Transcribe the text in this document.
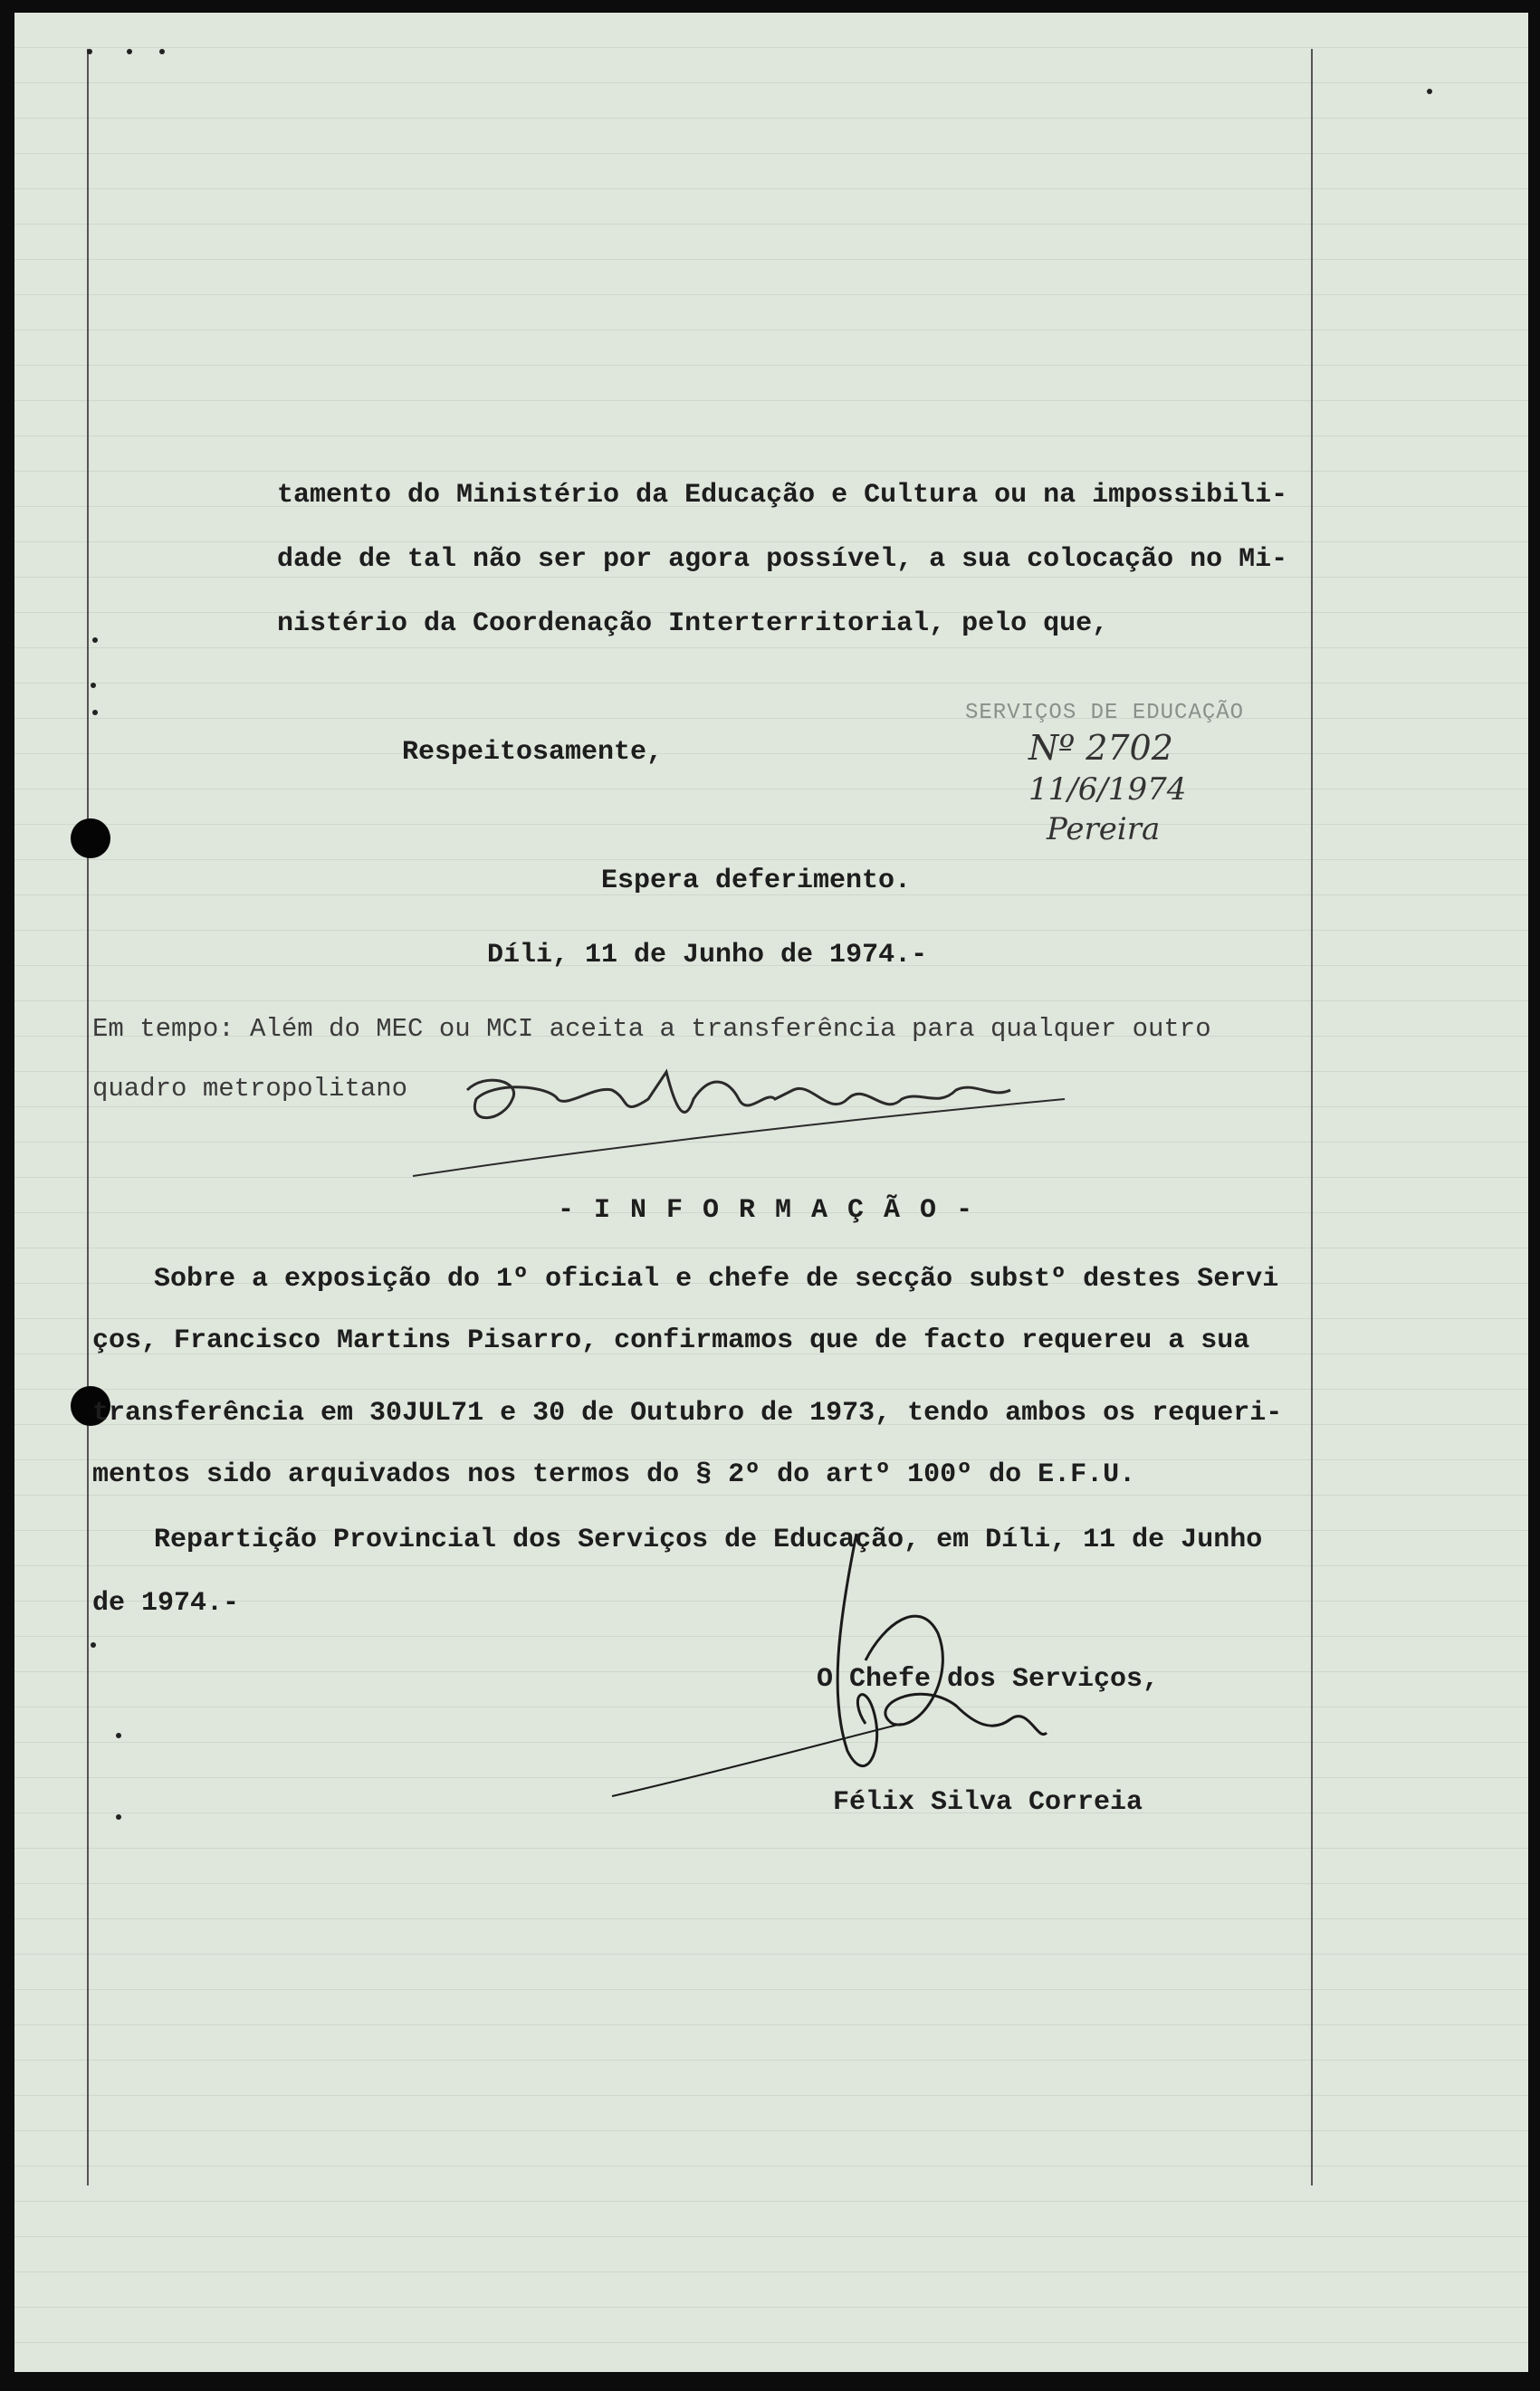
tamento do Ministério da Educação e Cultura ou na impossibili-
dade de tal não ser por agora possível, a sua colocação no Mi-
nistério da Coordenação Interterritorial, pelo que,
Respeitosamente,
SERVIÇOS DE EDUCAÇÃO
Nº 2702
11/6/1974
Pereira
Espera deferimento.
Díli, 11 de Junho de 1974.-
Em tempo: Além do MEC ou MCI aceita a transferência para qualquer outro
quadro metropolitano
- I N F O R M A Ç Ã O -
Sobre a exposição do 1º oficial e chefe de secção substº destes Servi
ços, Francisco Martins Pisarro, confirmamos que de facto requereu a sua
transferência em 30JUL71 e 30 de Outubro de 1973, tendo ambos os requeri-
mentos sido arquivados nos termos do § 2º do artº 100º do E.F.U.
Repartição Provincial dos Serviços de Educação, em Díli, 11 de Junho
de 1974.-
O Chefe dos Serviços,
Félix Silva Correia
